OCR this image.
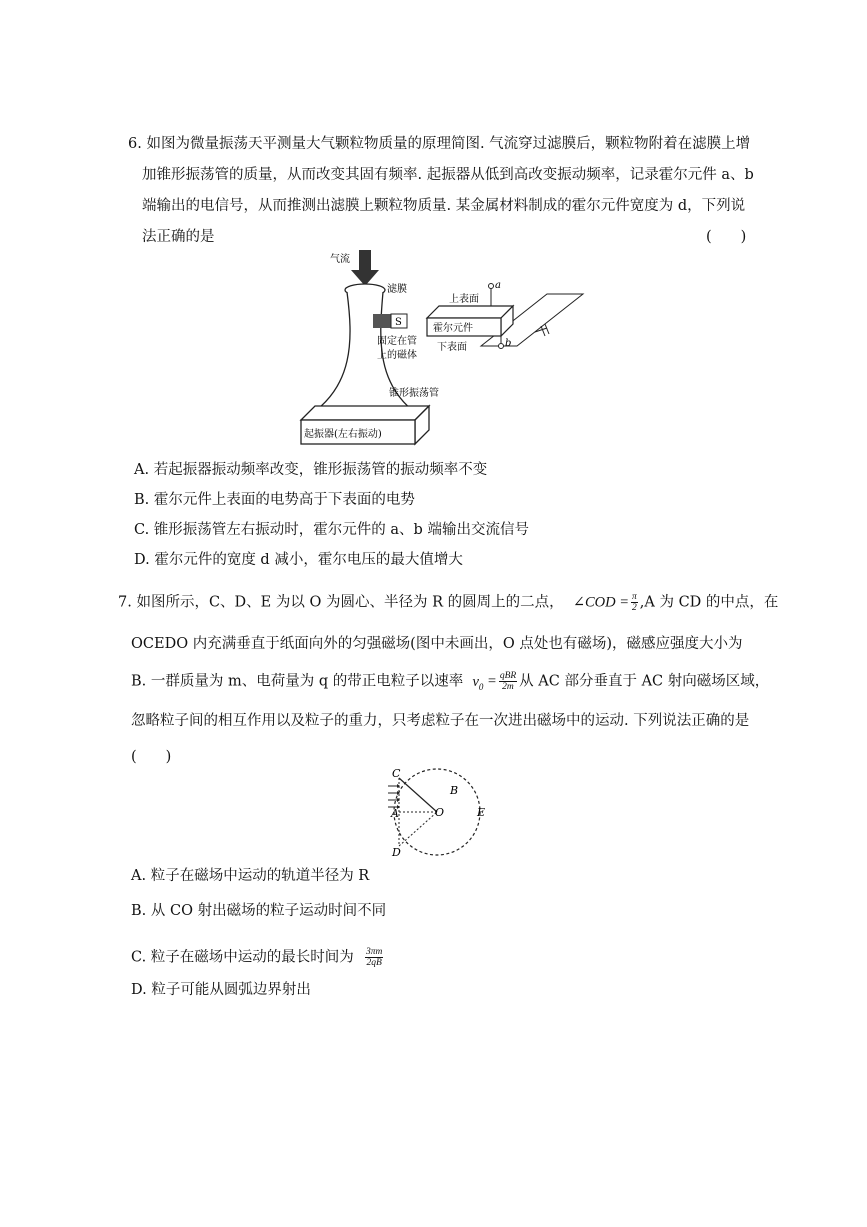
6. 如图为微量振荡天平测量大气颗粒物质量的原理简图. 气流穿过滤膜后，颗粒物附着在滤膜上增
加锥形振荡管的质量，从而改变其固有频率. 起振器从低到高改变振动频率，记录霍尔元件 a、b
端输出的电信号，从而推测出滤膜上颗粒物质量. 某金属材料制成的霍尔元件宽度为 d，下列说
法正确的是	(　　)
气流
滤膜
S
固定在管
上的磁体
锥形振荡管
起振器(左右振动)
霍尔元件
上表面
下表面
a
b
A. 若起振器振动频率改变，锥形振荡管的振动频率不变
B. 霍尔元件上表面的电势高于下表面的电势
C. 锥形振荡管左右振动时，霍尔元件的 a、b 端输出交流信号
D. 霍尔元件的宽度 d 减小，霍尔电压的最大值增大
7. 如图所示，C、D、E 为以 O 为圆心、半径为 R 的圆周上的二点， ∠COD = $\frac{\pi}{2} ,A$ 为 CD 的中点，在
OCEDO 内充满垂直于纸面向外的匀强磁场(图中未画出，O 点处也有磁场)，磁感应强度大小为
B. 一群质量为 m、电荷量为 q 的带正电粒子以速率 $v_0 = \frac{\text{qBR}}{2m}$ 从 AC 部分垂直于 AC 射向磁场区域，
忽略粒子间的相互作用以及粒子的重力，只考虑粒子在一次进出磁场中的运动. 下列说法正确的是
(　　)
C
A
D
O
B
E
A. 粒子在磁场中运动的轨道半径为 R
B. 从 CO 射出磁场的粒子运动时间不同
C. 粒子在磁场中运动的最长时间为 $\frac{3\pi m}{2qB}$
D. 粒子可能从圆弧边界射出
